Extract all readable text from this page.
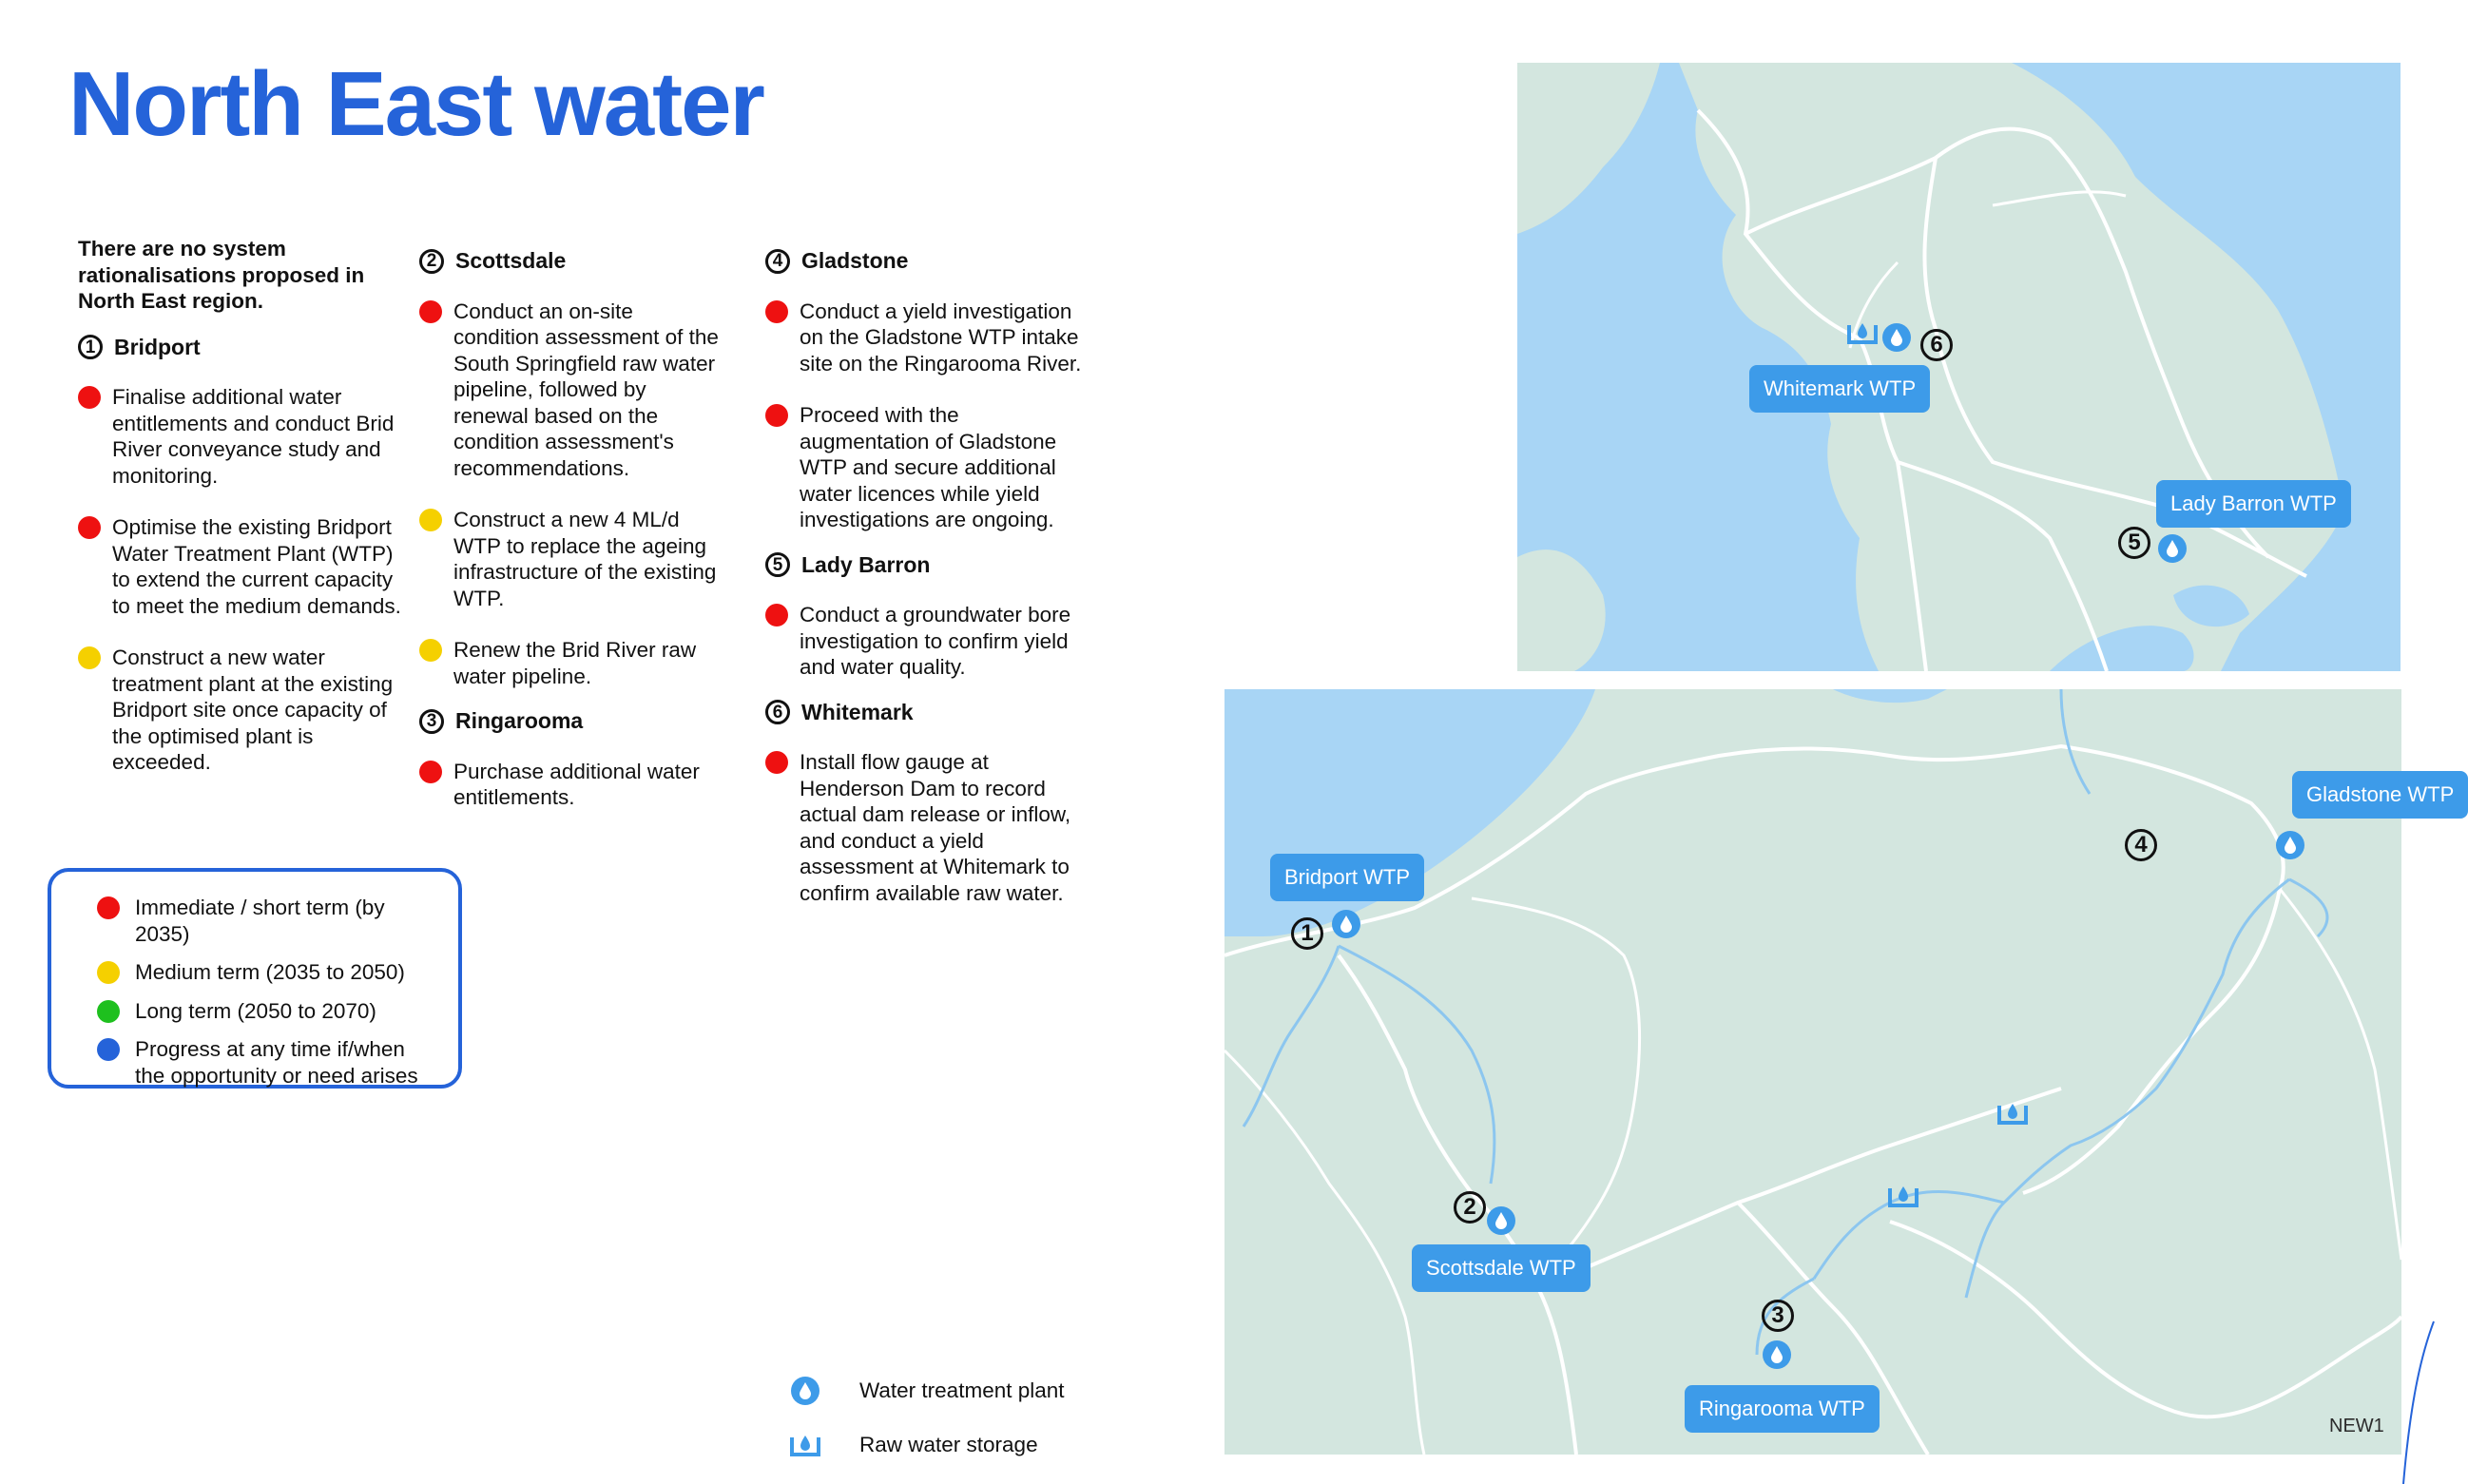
North East water

There are no system rationalisations proposed in North East region.

1 Bridport

Finalise additional water entitlements and conduct Brid River conveyance study and monitoring.

Optimise the existing Bridport Water Treatment Plant (WTP) to extend the current capacity to meet the medium demands.

Construct a new water treatment plant at the existing Bridport site once capacity of the optimised plant is exceeded.

2 Scottsdale

Conduct an on-site condition assessment of the South Springfield raw water pipeline, followed by renewal based on the condition assessment's recommendations.

Construct a new 4 ML/d WTP to replace the ageing infrastructure of the existing WTP.

Renew the Brid River raw water pipeline.

3 Ringarooma

Purchase additional water entitlements.

4 Gladstone

Conduct a yield investigation on the Gladstone WTP intake site on the Ringarooma River.

Proceed with the augmentation of Gladstone WTP and secure additional water licences while yield investigations are ongoing.

5 Lady Barron

Conduct a groundwater bore investigation to confirm yield and water quality.

6 Whitemark

Install flow gauge at Henderson Dam to record actual dam release or inflow, and conduct a yield assessment at Whitemark to confirm available raw water.

Immediate / short term (by 2035)
Medium term (2035 to 2050)
Long term (2050 to 2070)
Progress at any time if/when the opportunity or need arises
6
Whitemark WTP
Lady Barron WTP
5
Gladstone WTP
4
Bridport WTP
1
2
Scottsdale WTP
3
Ringarooma WTP
NEW1
Water treatment plant
Raw water storage
